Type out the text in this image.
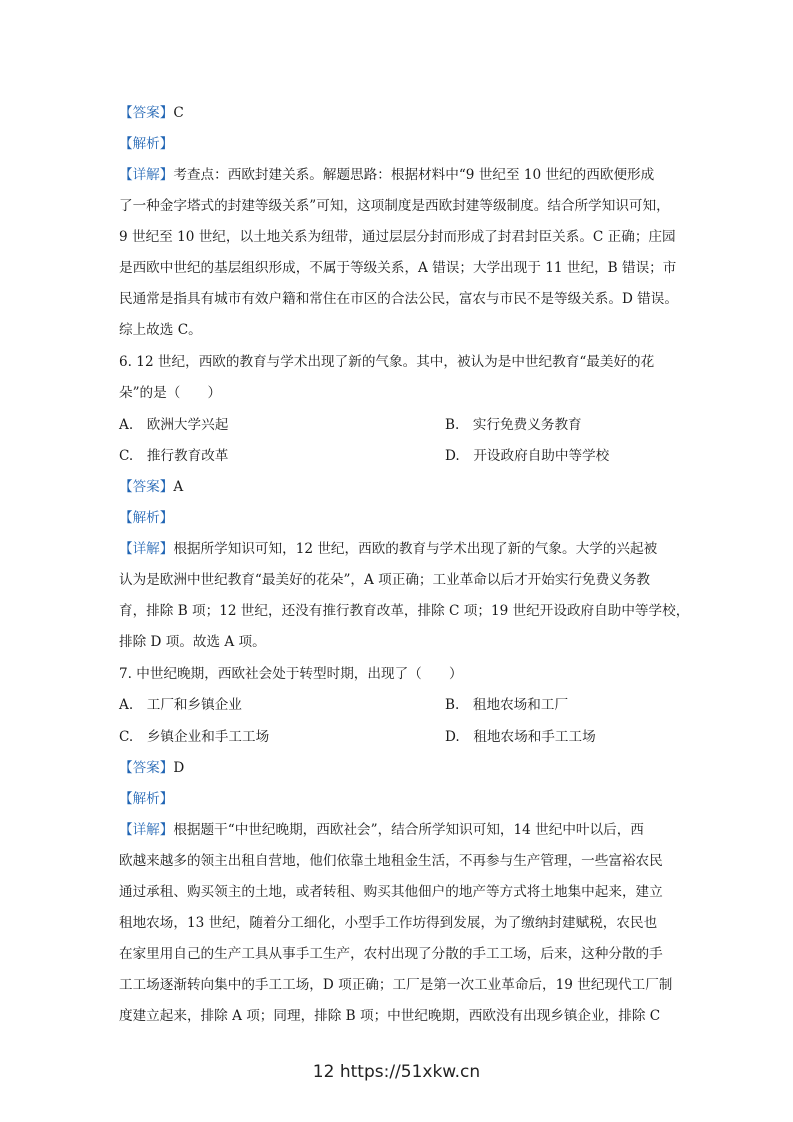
【答案】C
【解析】
【详解】考查点：西欧封建关系。解题思路：根据材料中“9 世纪至 10 世纪的西欧便形成
了一种金字塔式的封建等级关系”可知，这项制度是西欧封建等级制度。结合所学知识可知，
9 世纪至 10 世纪，以土地关系为纽带，通过层层分封而形成了封君封臣关系。C 正确；庄园
是西欧中世纪的基层组织形成，不属于等级关系，A 错误；大学出现于 11 世纪，B 错误；市
民通常是指具有城市有效户籍和常住在市区的合法公民，富农与市民不是等级关系。D 错误。
综上故选 C。
6. 12 世纪，西欧的教育与学术出现了新的气象。其中，被认为是中世纪教育“最美好的花
朵”的是（　　）
A.　欧洲大学兴起	B.　实行免费义务教育
C.　推行教育改革	D.　开设政府自助中等学校
【答案】A
【解析】
【详解】根据所学知识可知，12 世纪，西欧的教育与学术出现了新的气象。大学的兴起被
认为是欧洲中世纪教育“最美好的花朵”，A 项正确；工业革命以后才开始实行免费义务教
育，排除 B 项；12 世纪，还没有推行教育改革，排除 C 项；19 世纪开设政府自助中等学校，
排除 D 项。故选 A 项。
7. 中世纪晚期，西欧社会处于转型时期，出现了（　　）
A.　工厂和乡镇企业	B.　租地农场和工厂
C.　乡镇企业和手工工场	D.　租地农场和手工工场
【答案】D
【解析】
【详解】根据题干“中世纪晚期，西欧社会”，结合所学知识可知，14 世纪中叶以后，西
欧越来越多的领主出租自营地，他们依靠土地租金生活，不再参与生产管理，一些富裕农民
通过承租、购买领主的土地，或者转租、购买其他佃户的地产等方式将土地集中起来，建立
租地农场，13 世纪，随着分工细化，小型手工作坊得到发展，为了缴纳封建赋税，农民也
在家里用自己的生产工具从事手工生产，农村出现了分散的手工工场，后来，这种分散的手
工工场逐渐转向集中的手工工场，D 项正确；工厂是第一次工业革命后，19 世纪现代工厂制
度建立起来，排除 A 项；同理，排除 B 项；中世纪晚期，西欧没有出现乡镇企业，排除 C
12 https://51xkw.cn
